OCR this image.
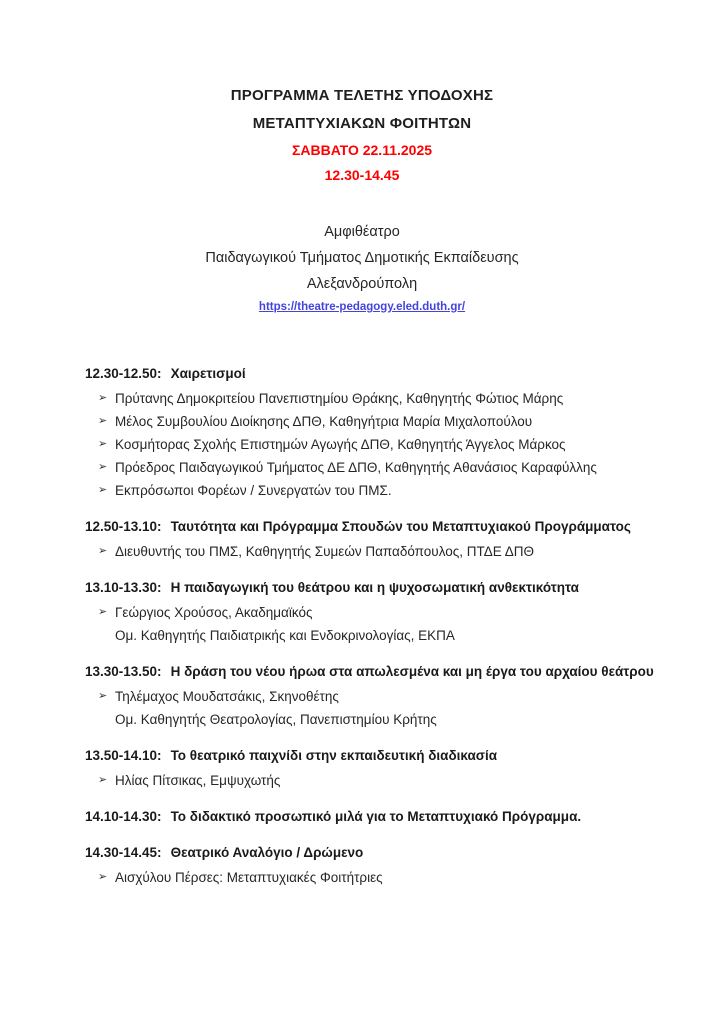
ΠΡΟΓΡΑΜΜΑ ΤΕΛΕΤΗΣ ΥΠΟΔΟΧΗΣ
ΜΕΤΑΠΤΥΧΙΑΚΩΝ ΦΟΙΤΗΤΩΝ
ΣΑΒΒΑΤΟ 22.11.2025
12.30-14.45
Αμφιθέατρο
Παιδαγωγικού Τμήματος Δημοτικής Εκπαίδευσης
Αλεξανδρούπολη
https://theatre-pedagogy.eled.duth.gr/
12.30-12.50: Χαιρετισμοί
➢ Πρύτανης Δημοκριτείου Πανεπιστημίου Θράκης, Καθηγητής Φώτιος Μάρης
➢ Μέλος Συμβουλίου Διοίκησης ΔΠΘ, Καθηγήτρια Μαρία Μιχαλοπούλου
➢ Κοσμήτορας Σχολής Επιστημών Αγωγής ΔΠΘ, Καθηγητής Άγγελος Μάρκος
➢ Πρόεδρος Παιδαγωγικού Τμήματος ΔΕ ΔΠΘ, Καθηγητής Αθανάσιος Καραφύλλης
➢ Εκπρόσωποι Φορέων / Συνεργατών του ΠΜΣ.
12.50-13.10: Ταυτότητα και Πρόγραμμα Σπουδών του Μεταπτυχιακού Προγράμματος
➢ Διευθυντής του ΠΜΣ, Καθηγητής Συμεών Παπαδόπουλος, ΠΤΔΕ ΔΠΘ
13.10-13.30: Η παιδαγωγική του θεάτρου και η ψυχοσωματική ανθεκτικότητα
➢ Γεώργιος Χρούσος, Ακαδημαϊκός
Ομ. Καθηγητής Παιδιατρικής και Ενδοκρινολογίας, ΕΚΠΑ
13.30-13.50: Η δράση του νέου ήρωα στα απωλεσμένα και μη έργα του αρχαίου θεάτρου
➢ Τηλέμαχος Μουδατσάκις, Σκηνοθέτης
Ομ. Καθηγητής Θεατρολογίας, Πανεπιστημίου Κρήτης
13.50-14.10: Το θεατρικό παιχνίδι στην εκπαιδευτική διαδικασία
➢ Ηλίας Πίτσικας, Εμψυχωτής
14.10-14.30: Το διδακτικό προσωπικό μιλά για το Μεταπτυχιακό Πρόγραμμα.
14.30-14.45: Θεατρικό Αναλόγιο / Δρώμενο
➢ Αισχύλου Πέρσες: Μεταπτυχιακές Φοιτήτριες
